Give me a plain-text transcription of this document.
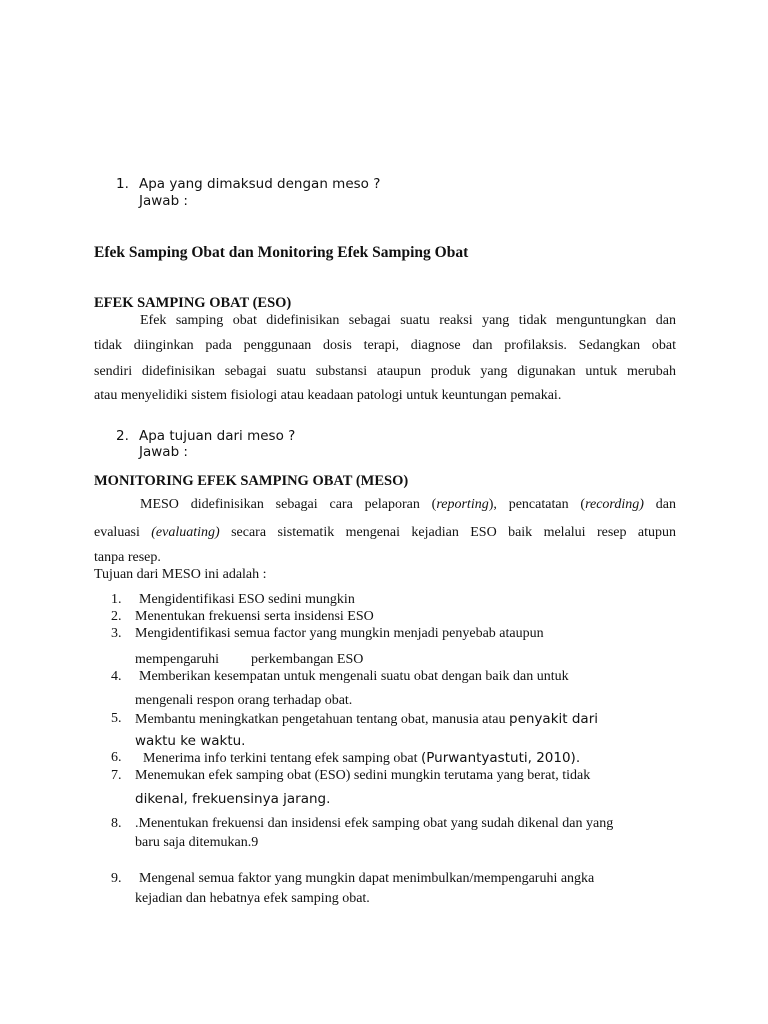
1. Apa yang dimaksud dengan meso ?
Jawab :
Efek Samping Obat dan Monitoring Efek Samping Obat
EFEK SAMPING OBAT (ESO)
Efek samping obat didefinisikan sebagai suatu reaksi yang tidak menguntungkan dan
tidak diinginkan pada penggunaan dosis terapi, diagnose dan profilaksis. Sedangkan obat
sendiri didefinisikan sebagai suatu substansi ataupun produk yang digunakan untuk merubah
atau menyelidiki sistem fisiologi atau keadaan patologi untuk keuntungan pemakai.
2. Apa tujuan dari meso ?
Jawab :
MONITORING EFEK SAMPING OBAT (MESO)
MESO didefinisikan sebagai cara pelaporan (reporting), pencatatan (recording) dan
evaluasi (evaluating) secara sistematik mengenai kejadian ESO baik melalui resep atupun
tanpa resep.
Tujuan dari MESO ini adalah :
1. Mengidentifikasi ESO sedini mungkin
2. Menentukan frekuensi serta insidensi ESO
3. Mengidentifikasi semua factor yang mungkin menjadi penyebab ataupun
mempengaruhi perkembangan ESO
4. Memberikan kesempatan untuk mengenali suatu obat dengan baik dan untuk
mengenali respon orang terhadap obat.
5. Membantu meningkatkan pengetahuan tentang obat, manusia atau penyakit dari
waktu ke waktu.
6. Menerima info terkini tentang efek samping obat (Purwantyastuti, 2010).
7. Menemukan efek samping obat (ESO) sedini mungkin terutama yang berat, tidak
dikenal, frekuensinya jarang.
8. .Menentukan frekuensi dan insidensi efek samping obat yang sudah dikenal dan yang
baru saja ditemukan.9
9. Mengenal semua faktor yang mungkin dapat menimbulkan/mempengaruhi angka
kejadian dan hebatnya efek samping obat.
